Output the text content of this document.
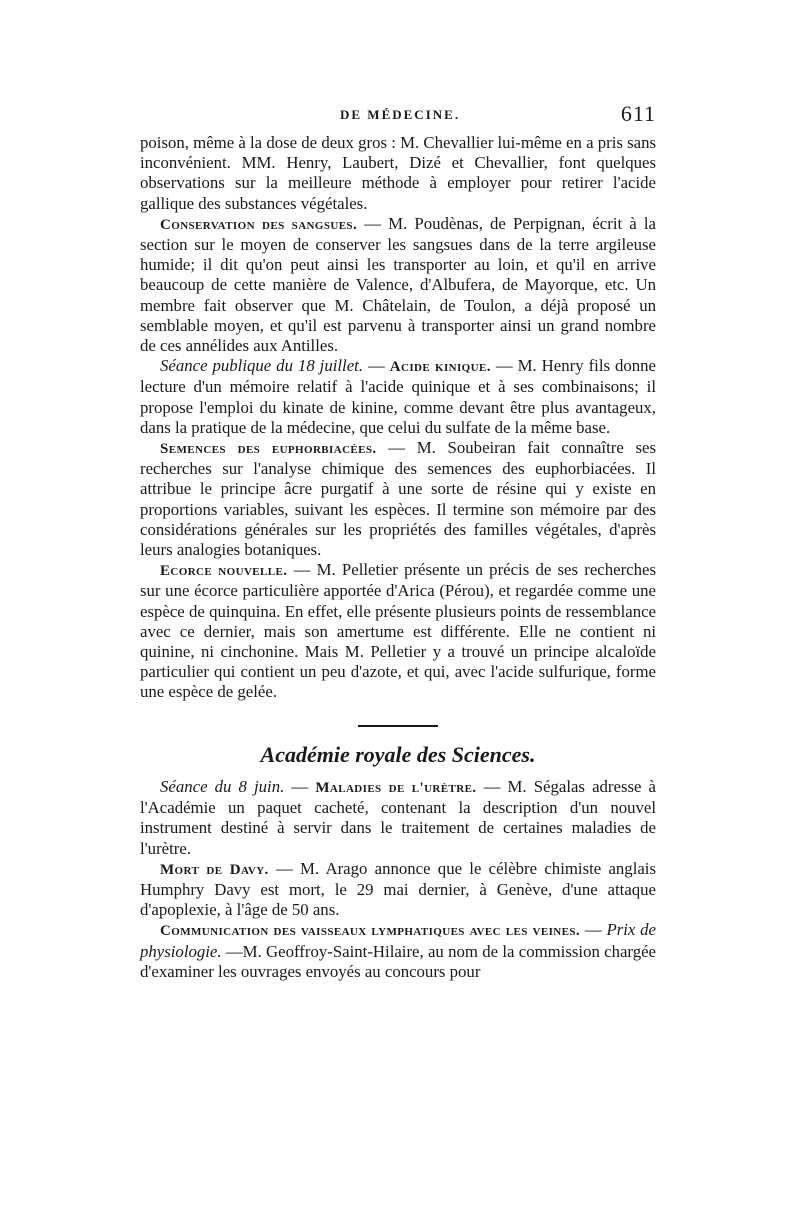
DE MÉDECINE.	611

poison, même à la dose de deux gros : M. Chevallier lui-même en a pris sans inconvénient. MM. Henry, Laubert, Dizé et Chevallier, font quelques observations sur la meilleure méthode à employer pour retirer l'acide gallique des substances végétales.

Conservation des sangsues. — M. Poudènas, de Perpignan, écrit à la section sur le moyen de conserver les sangsues dans de la terre argileuse humide; il dit qu'on peut ainsi les transporter au loin, et qu'il en arrive beaucoup de cette manière de Valence, d'Albufera, de Mayorque, etc. Un membre fait observer que M. Châtelain, de Toulon, a déjà proposé un semblable moyen, et qu'il est parvenu à transporter ainsi un grand nombre de ces annélides aux Antilles.

Séance publique du 18 juillet. — Acide kinique. — M. Henry fils donne lecture d'un mémoire relatif à l'acide quinique et à ses combinaisons; il propose l'emploi du kinate de kinine, comme devant être plus avantageux, dans la pratique de la médecine, que celui du sulfate de la même base.

Semences des euphorbiacées. — M. Soubeiran fait connaître ses recherches sur l'analyse chimique des semences des euphorbiacées. Il attribue le principe âcre purgatif à une sorte de résine qui y existe en proportions variables, suivant les espèces. Il termine son mémoire par des considérations générales sur les propriétés des familles végétales, d'après leurs analogies botaniques.

Ecorce nouvelle. — M. Pelletier présente un précis de ses recherches sur une écorce particulière apportée d'Arica (Pérou), et regardée comme une espèce de quinquina. En effet, elle présente plusieurs points de ressemblance avec ce dernier, mais son amertume est différente. Elle ne contient ni quinine, ni cinchonine. Mais M. Pelletier y a trouvé un principe alcaloïde particulier qui contient un peu d'azote, et qui, avec l'acide sulfurique, forme une espèce de gelée.

Académie royale des Sciences.

Séance du 8 juin. — Maladies de l'urètre. — M. Ségalas adresse à l'Académie un paquet cacheté, contenant la description d'un nouvel instrument destiné à servir dans le traitement de certaines maladies de l'urètre.

Mort de Davy. — M. Arago annonce que le célèbre chimiste anglais Humphry Davy est mort, le 29 mai dernier, à Genève, d'une attaque d'apoplexie, à l'âge de 50 ans.

Communication des vaisseaux lymphatiques avec les veines. — Prix de physiologie. —M. Geoffroy-Saint-Hilaire, au nom de la commission chargée d'examiner les ouvrages envoyés au concours pour
